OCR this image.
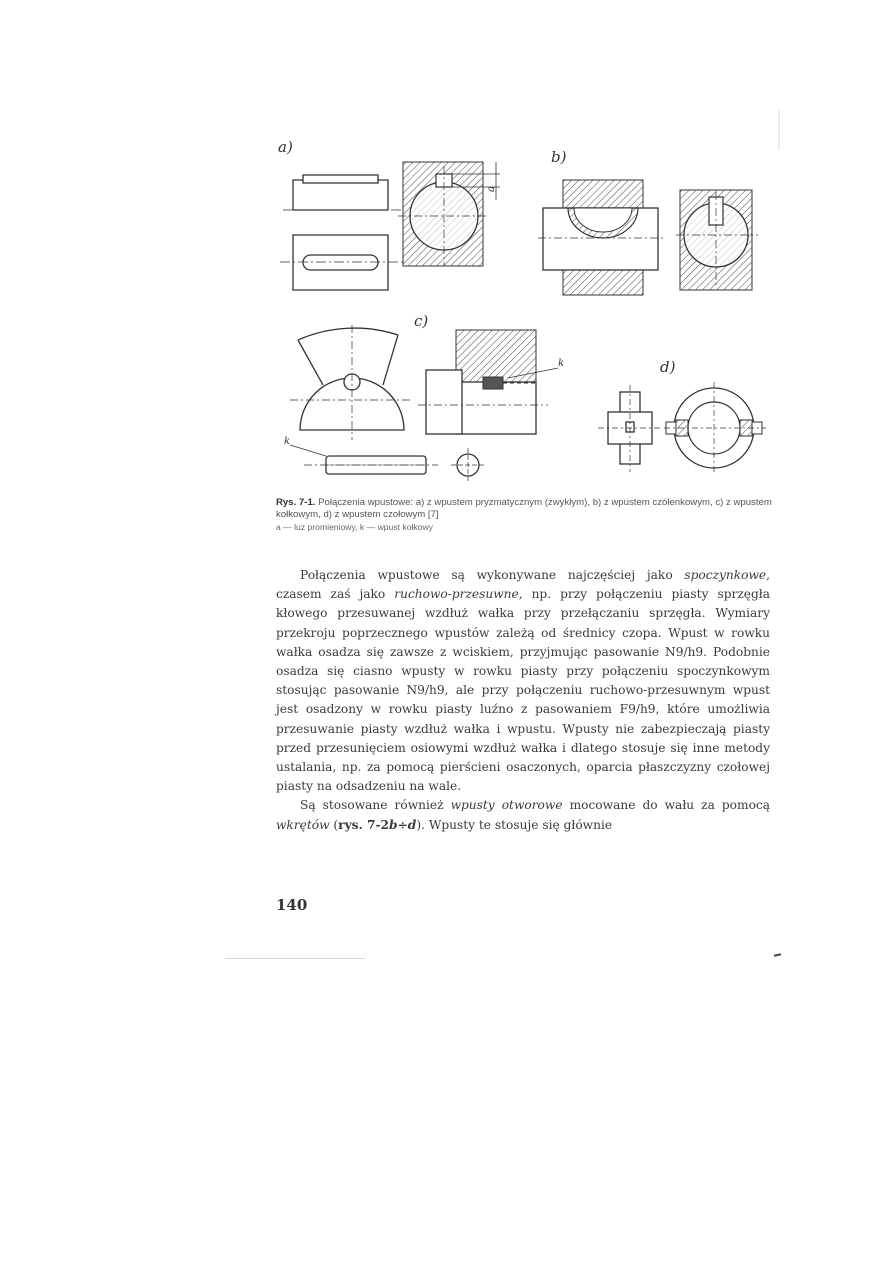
a)
a
b)
c)
k
k
d)
Rys. 7-1. Połączenia wpustowe: a) z wpustem pryzmatycznym (zwykłym), b) z wpustem czółenkowym, c) z wpustem kołkowym, d) z wpustem czołowym [7]
a — luz promieniowy, k — wpust kołkowy

Połączenia wpustowe są wykonywane najczęściej jako spoczynkowe, czasem zaś jako ruchowo-przesuwne, np. przy połączeniu piasty sprzęgła kłowego przesuwanej wzdłuż wałka przy przełączaniu sprzęgła. Wymiary przekroju poprzecznego wpustów zależą od średnicy czopa. Wpust w rowku wałka osadza się zawsze z wciskiem, przyjmując pasowanie N9/h9. Podobnie osadza się ciasno wpusty w rowku piasty przy połączeniu spoczynkowym stosując pasowanie N9/h9, ale przy połączeniu ruchowo-przesuwnym wpust jest osadzony w rowku piasty luźno z pasowaniem F9/h9, które umożliwia przesuwanie piasty wzdłuż wałka i wpustu. Wpusty nie zabezpieczają piasty przed przesunięciem osiowymi wzdłuż wałka i dlatego stosuje się inne metody ustalania, np. za pomocą pierścieni osaczonych, oparcia płaszczyzny czołowej piasty na odsadzeniu na wale.

Są stosowane również wpusty otworowe mocowane do wału za pomocą wkrętów (rys. 7-2b÷d). Wpusty te stosuje się głównie

140
